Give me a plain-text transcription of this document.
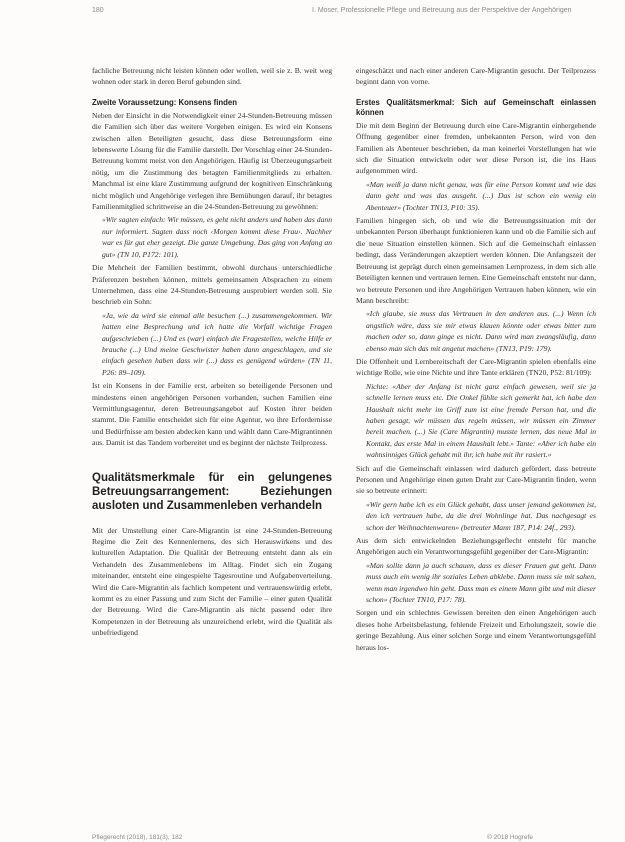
180	I. Moser, Professionelle Pflege und Betreuung aus der Perspektive der Angehörigen

fachliche Betreuung nicht leisten können oder wollen, weil sie z. B. weit weg wohnen oder stark in deren Beruf gebunden sind.

Zweite Voraussetzung: Konsens finden

Neben der Einsicht in die Notwendigkeit einer 24-Stunden-Betreuung müssen die Familien sich über das weitere Vorgehen einigen. Es wird ein Konsens zwischen allen Beteiligten gesucht, dass diese Betreuungsform eine lebenswerte Lösung für die Familie darstellt. Der Vorschlag einer 24-Stunden-Betreuung kommt meist von den Angehörigen. Häufig ist Überzeugungsarbeit nötig, um die Zustimmung des betagten Familienmitglieds zu erhalten. Manchmal ist eine klare Zustimmung aufgrund der kognitiven Einschränkung nicht möglich und Angehörige verlegen ihre Bemühungen darauf, ihr betagtes Familienmitglied schrittweise an die 24-Stunden-Betreuung zu gewöhnen:

«Wir sagten einfach: Wir müssen, es geht nicht anders und haben das dann nur informiert. Sagten dass noch ‹Morgen kommt diese Frau›. Nachher war es für gut eher gezeigt. Die ganze Umgebung. Das ging von Anfang an gut» (TN 10, P172: 101).

Die Mehrheit der Familien bestimmt, obwohl durchaus unterschiedliche Präferenzen bestehen können, mittels gemeinsamen Absprachen zu einem Unternehmen, dass eine 24-Stunden-Betreuung ausprobiert werden soll. Sie beschrieb ein Sohn:

«Ja, wie da wird sie einmal alle besuchen (...) zusammengekommen. Wir hatten eine Besprechung und ich hatte die Vorfall wichtige Fragen aufgeschrieben (...) Und es (war) einfach die Fragestellen, welche Hilfe er brauche (...) Und meine Geschwister haben dann angeschlagen, und sie einfach gesehen haben dass wir (...) dass es genügend würden» (TN 11, P26: 89–109).

Ist ein Konsens in der Familie erst, arbeiten so beteiligende Personen und mindestens einen angehörigen Personen vorhanden, suchen Familien eine Vermittlungsagentur, deren Betreuungsangebot auf Kosten ihrer beiden stammt. Die Familie entscheidet sich für eine Agentur, wo ihre Erfordernisse und Bedürfnisse am besten abdecken kann und wählt dann Care-Migrantinnen aus. Damit ist das Tandem vorbereitet und es beginnt der nächste Teilprozess.

Qualitätsmerkmale für ein gelungenes Betreuungsarrangement: Beziehungen ausloten und Zusammenleben verhandeln

Mit der Umstellung einer Care-Migrantin ist eine 24-Stunden-Betreuung Regime die Zeit des Kennenlernens, des sich Herauswirkens und des kulturellen Adaptation. Die Qualität der Betreuung entsteht dann als ein Verhandeln des Zusammenlebens im Alltag. Findet sich ein Zugang miteinander, entsteht eine eingespielte Tagesroutine und Aufgabenverteilung. Wird die Care-Migrantin als fachlich kompetent und vertrauenswürdig erlebt, kommt es zu einer Passung und zum Sicht der Familie – einer guten Qualität der Betreuung. Wird die Care-Migrantin als nicht passend oder ihre Kompetenzen in der Betreuung als unzureichend erlebt, wird die Qualität als unbefriedigend

eingeschätzt und nach einer anderen Care-Migrantin gesucht. Der Teilprozess beginnt dann von vorne.

Erstes Qualitätsmerkmal: Sich auf Gemeinschaft einlassen können

Die mit dem Beginn der Betreuung durch eine Care-Migrantin einhergehende Öffnung gegenüber einer fremden, unbekannten Person, wird von den Familien als Abenteuer beschrieben, da man keinerlei Vorstellungen hat wie sich die Situation entwickeln oder wer diese Person ist, die ins Haus aufgenommen wird.

«Man weiß ja dann nicht genau, was für eine Person kommt und wie das dann geht und was das ausgeht. (...) Das ist schon ein wenig ein Abenteuer» (Tochter TN13, P10: 35).

Familien hingegen sich, ob und wie die Betreuungssituation mit der unbekannten Person überhaupt funktionieren kann und ob die Familie sich auf die neue Situation einstellen können. Sich auf die Gemeinschaft einlassen bedingt, dass Veränderungen akzeptiert werden können. Die Anfangszeit der Betreuung ist geprägt durch einen gemeinsamen Lernprozess, in dem sich alle Beteiligten kennen und vertrauen lernen. Eine Gemeinschaft entsteht nur dann, wo betreute Personen und ihre Angehörigen Vertrauen haben können, wie ein Mann beschreibt:

«Ich glaube, sie muss das Vertrauen in den anderen aus. (...) Wenn ich angstlich wäre, dass sie mir etwas klauen könnte oder etwas bitter zum machen oder so, dann ginge es nicht. Dann wird man zwangsläufig, dann ebenso man sich das mit angetut machen» (TN13, P19: 179).

Die Offenheit und Lernbereitschaft der Care-Migrantin spielen ebenfalls eine wichtige Rolle, wie eine Nichte und ihre Tante erklären (TN20, P52: 81/109):

Nichte: «Aber der Anfang ist nicht ganz einfach gewesen, weil sie ja schnelle lernen muss etc. Die Onkel fühlte sich gemerkt hat, ich habe den Haushalt nicht mehr im Griff zum ist eine fremde Person hat, und die haben gesagt, wir müssen das regeln müssen, wir müssen ein Zimmer bereit machen. (...) Sie (Care Migrantin) musste lernen, das neue Mal in Kontakt, das erste Mal in einem Haushalt lebt.» Tante: «Aber ich habe ein wahnsinniges Glück gehabt mit ihr, ich habe mit ihr rasiert.»

Sich auf die Gemeinschaft einlassen wird dadurch gefördert, dass betreute Personen und Angehörige einen guten Draht zur Care-Migrantin finden, wenn sie so betreute erinnert:

«Wir gern habe ich es ein Glück gehabt, dass unser jemand gekommen ist, den ich vertrauen habe, da die drei Wohnlinge hat. Das nachgesagt es schon der Weihnachtenwaren» (betreuter Mann 187, P14: 24f., 293).

Aus dem sich entwickelnden Beziehungsgeflecht entsteht für manche Angehörigen auch ein Verantwortungsgefühl gegenüber der Care-Migrantin:

«Man sollte dann ja auch schauen, dass es dieser Frauen gut geht. Dann muss auch ein wenig ihr soziales Leben abklebe. Dann muss sie mit sahen, wenn man irgendwo hin geht. Dass man es einem Mann gibt und mit dieser schon» (Tochter TN10, P17: 78).

Sorgen und ein schlechtes Gewissen bereiten den einen Angehörigen auch dieses hohe Arbeitsbelastung, fehlende Freizeit und Erholungszeit, sowie die geringe Bezahlung. Aus einer solchen Sorge und einem Verantwortungsgefühl heraus los-

Pflegerecht (2018), 181(3), 182	© 2018 Hogrefe
